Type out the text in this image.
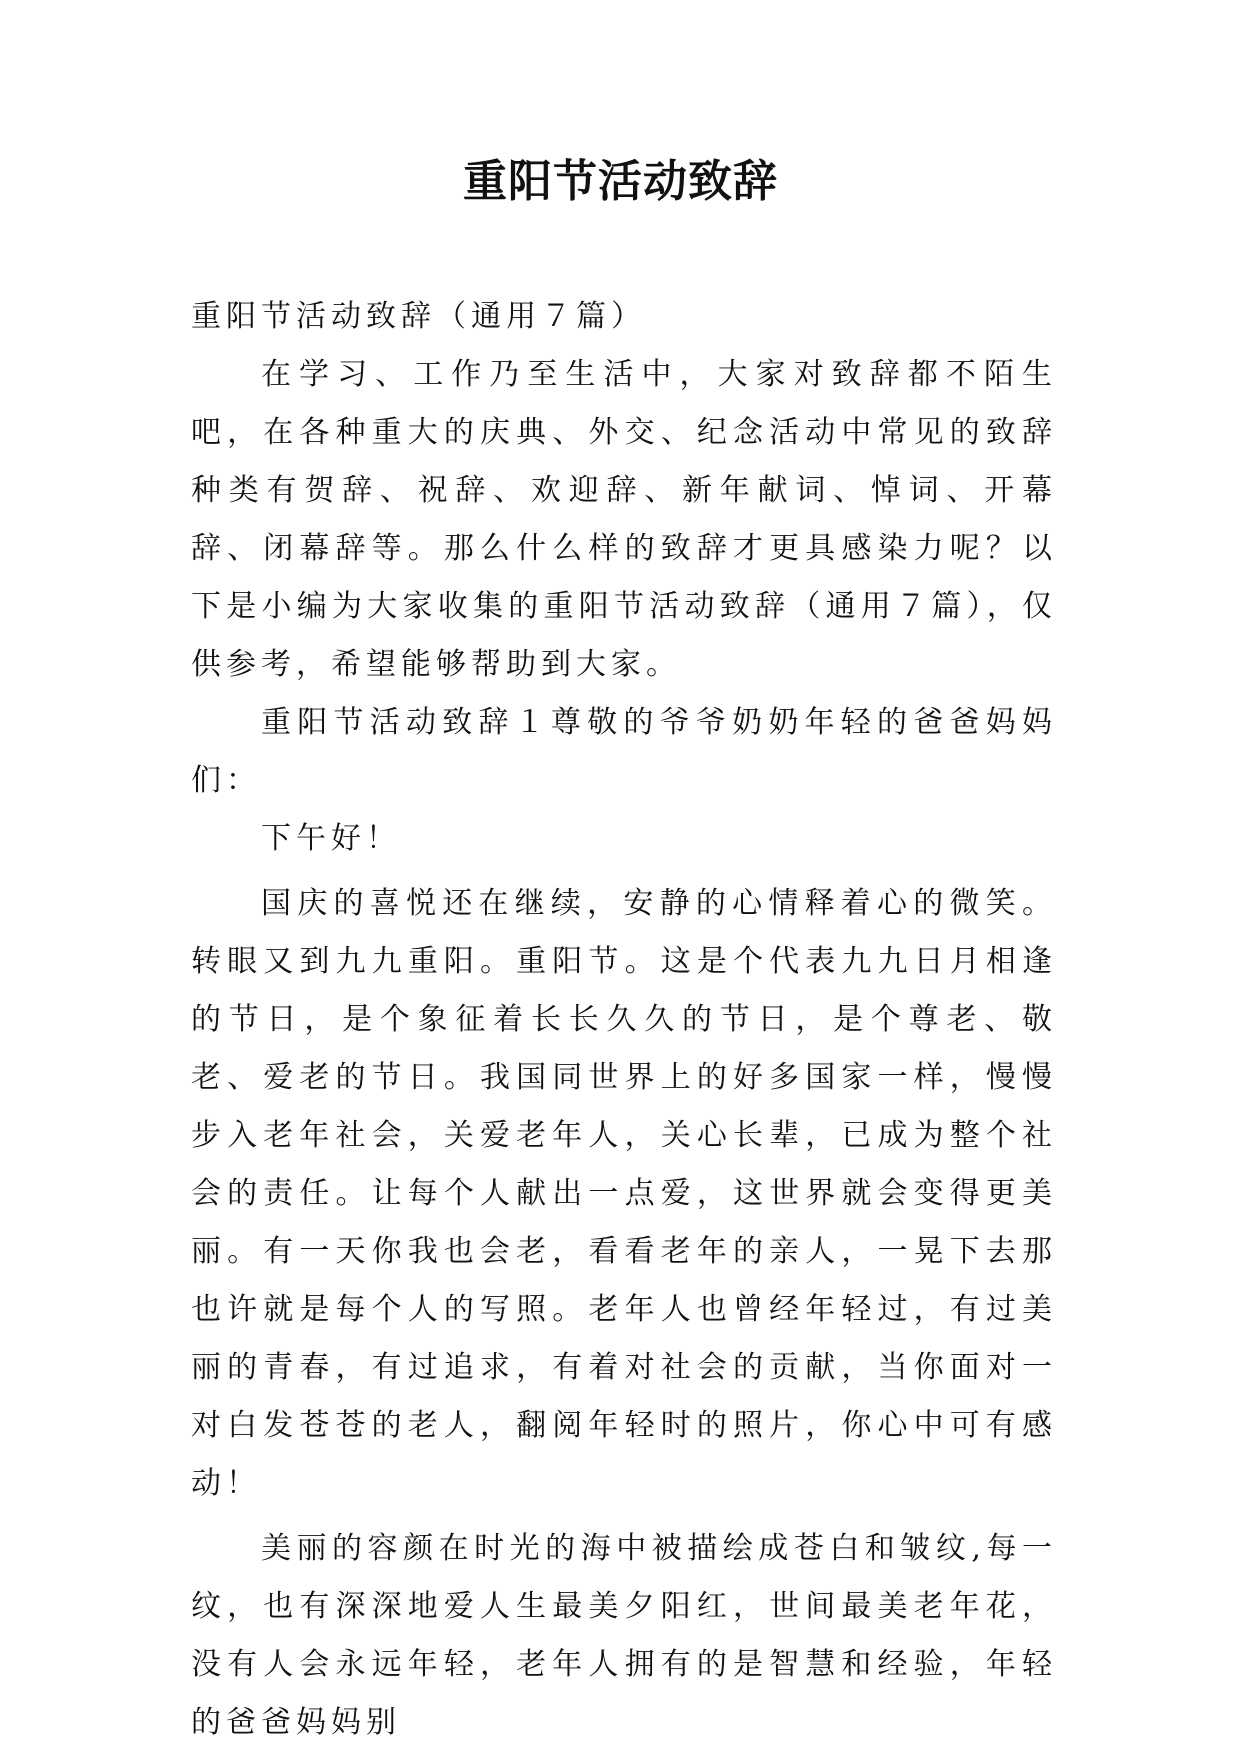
重阳节活动致辞

重阳节活动致辞（通用７篇）

在学习、工作乃至生活中，大家对致辞都不陌生吧，在各种重大的庆典、外交、纪念活动中常见的致辞种类有贺辞、祝辞、欢迎辞、新年献词、悼词、开幕辞、闭幕辞等。那么什么样的致辞才更具感染力呢？以下是小编为大家收集的重阳节活动致辞（通用７篇），仅供参考，希望能够帮助到大家。

重阳节活动致辞１尊敬的爷爷奶奶年轻的爸爸妈妈们：

下午好！

国庆的喜悦还在继续，安静的心情释着心的微笑。转眼又到九九重阳。重阳节。这是个代表九九日月相逢的节日，是个象征着长长久久的节日，是个尊老、敬老、爱老的节日。我国同世界上的好多国家一样，慢慢步入老年社会，关爱老年人，关心长辈，已成为整个社会的责任。让每个人献出一点爱，这世界就会变得更美丽。有一天你我也会老，看看老年的亲人，一晃下去那也许就是每个人的写照。老年人也曾经年轻过，有过美丽的青春，有过追求，有着对社会的贡献，当你面对一对白发苍苍的老人，翻阅年轻时的照片，你心中可有感动！

美丽的容颜在时光的海中被描绘成苍白和皱纹,每一纹，也有深深地爱人生最美夕阳红，世间最美老年花，没有人会永远年轻，老年人拥有的是智慧和经验，年轻的爸爸妈妈别
